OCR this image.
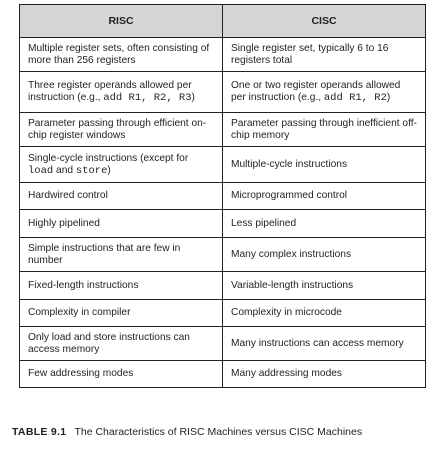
RISC	CISC
Multiple register sets, often consisting of more than 256 registers	Single register set, typically 6 to 16 registers total
Three register operands allowed per instruction (e.g., add R1, R2, R3)	One or two register operands allowed per instruction (e.g., add R1, R2)
Parameter passing through efficient on-chip register windows	Parameter passing through inefficient off-chip memory
Single-cycle instructions (except for load and store)	Multiple-cycle instructions
Hardwired control	Microprogrammed control
Highly pipelined	Less pipelined
Simple instructions that are few in number	Many complex instructions
Fixed-length instructions	Variable-length instructions
Complexity in compiler	Complexity in microcode
Only load and store instructions can access memory	Many instructions can access memory
Few addressing modes	Many addressing modes
TABLE 9.1 The Characteristics of RISC Machines versus CISC Machines
